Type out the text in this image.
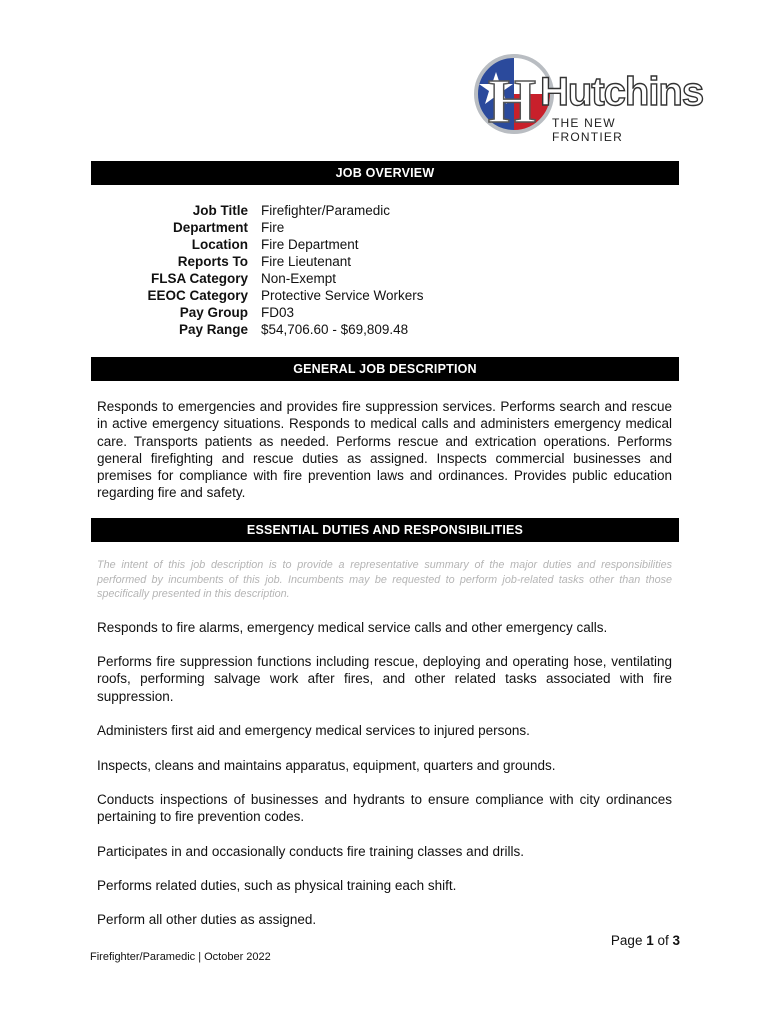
H Hutchins
THE NEW FRONTIER
JOB OVERVIEW
Job Title Firefighter/Paramedic
Department Fire
Location Fire Department
Reports To Fire Lieutenant
FLSA Category Non-Exempt
EEOC Category Protective Service Workers
Pay Group FD03
Pay Range $54,706.60 - $69,809.48
GENERAL JOB DESCRIPTION
Responds to emergencies and provides fire suppression services. Performs search and rescue in active emergency situations. Responds to medical calls and administers emergency medical care. Transports patients as needed. Performs rescue and extrication operations. Performs general firefighting and rescue duties as assigned. Inspects commercial businesses and premises for compliance with fire prevention laws and ordinances. Provides public education regarding fire and safety.
ESSENTIAL DUTIES AND RESPONSIBILITIES
The intent of this job description is to provide a representative summary of the major duties and responsibilities performed by incumbents of this job. Incumbents may be requested to perform job-related tasks other than those specifically presented in this description.
Responds to fire alarms, emergency medical service calls and other emergency calls.
Performs fire suppression functions including rescue, deploying and operating hose, ventilating roofs, performing salvage work after fires, and other related tasks associated with fire suppression.
Administers first aid and emergency medical services to injured persons.
Inspects, cleans and maintains apparatus, equipment, quarters and grounds.
Conducts inspections of businesses and hydrants to ensure compliance with city ordinances pertaining to fire prevention codes.
Participates in and occasionally conducts fire training classes and drills.
Performs related duties, such as physical training each shift.
Perform all other duties as assigned.
Page 1 of 3
Firefighter/Paramedic | October 2022
